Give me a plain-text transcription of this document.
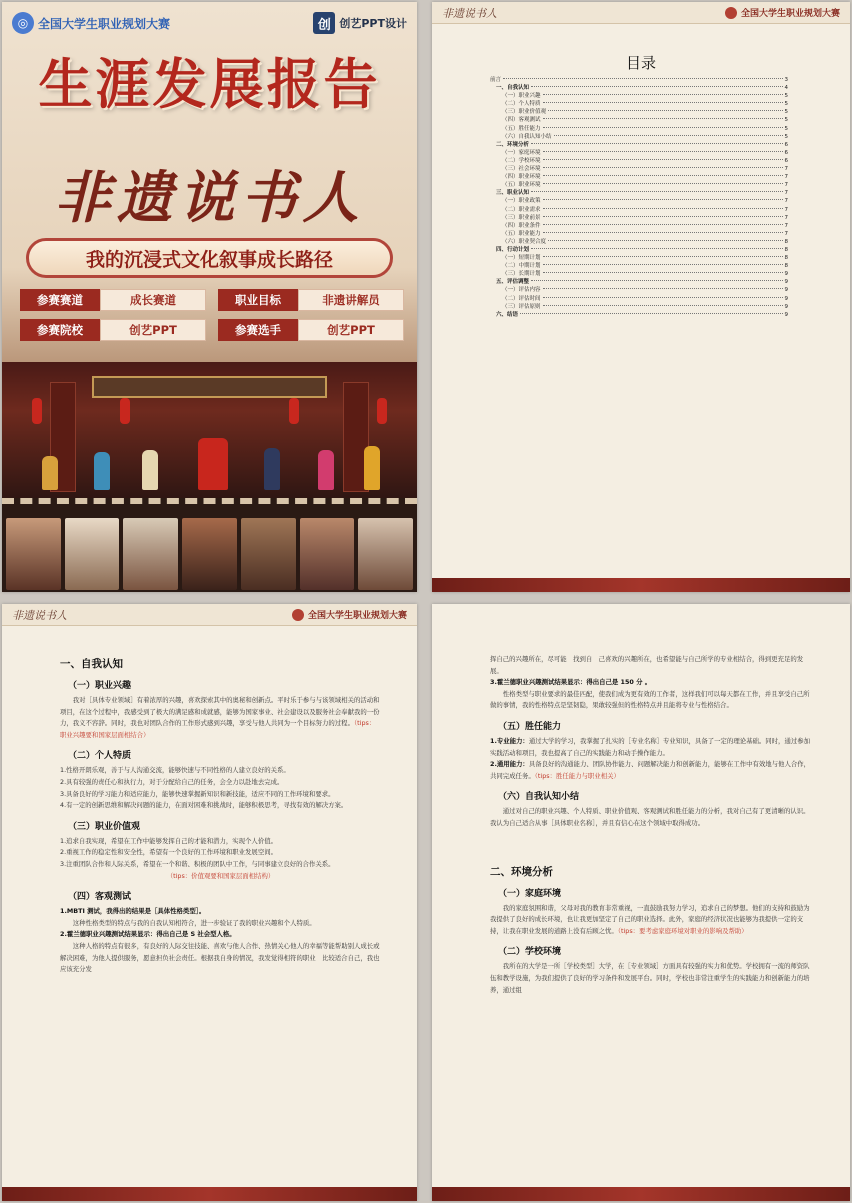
◎ 全国大学生职业规划大赛	创 创艺PPT设计
生涯发展报告
非遗说书人
我的沉浸式文化叙事成长路径
参赛赛道	成长赛道	职业目标	非遗讲解员
参赛院校	创艺PPT	参赛选手	创艺PPT
非遗说书人	全国大学生职业规划大赛
目录
前言	3
一、自我认知	4
（一）职业兴趣	5
（二）个人特质	5
（三）职业价值观	5
（四）客观测试	5
（五）胜任能力	5
（六）自我认知小结	5
二、环境分析	6
（一）家庭环境	6
（二）学校环境	6
（三）社会环境	7
（四）职业环境	7
（五）职业环境	7
三、职业认知	7
（一）职业政策	7
（二）职业需求	7
（三）职业前景	7
（四）职业条件	7
（五）职业能力	7
（六）职业契合度	8
四、行动计划	8
（一）短期计划	8
（二）中期计划	8
（三）长期计划	9
五、评估调整	9
（一）评估内容	9
（二）评估时间	9
（三）评估原则	9
六、结语	9
非遗说书人	全国大学生职业规划大赛
一、自我认知
（一）职业兴趣
我对［具体专业领域］有着浓厚的兴趣，喜欢探索其中的奥秘和创新点。平时乐于参与与该领域相关的活动和项目，在这个过程中，我感受到了极大的满足感和成就感，能够为国家事业、社会建设以及服务社会奉献我的一份力，我义不容辞。同时，我也对团队合作的工作形式感到兴趣，享受与他人共同为一个目标努力的过程。（tips：职业兴趣要和国家层面相结合）
（二）个人特质
1.性格开朗乐观，善于与人沟通交流，能够快速与不同性格的人建立良好的关系。
2.具有较强的责任心和执行力，对于分配给自己的任务，会全力以赴地去完成。
3.具备良好的学习能力和适应能力，能够快速掌握新知识和新技能，适应不同的工作环境和要求。
4.有一定的创新思维和解决问题的能力，在面对困难和挑战时，能够积极思考，寻找有效的解决方案。
（三）职业价值观
1.追求自我实现，希望在工作中能够发挥自己的才能和潜力，实现个人价值。
2.重视工作的稳定性和安全性，希望有一个良好的工作环境和职业发展空间。
3.注重团队合作和人际关系，希望在一个和谐、积极的团队中工作，与同事建立良好的合作关系。
（tips：价值观要和国家层面相结构）
（四）客观测试
1.MBTI 测试，我得出的结果是［具体性格类型］。
这种性格类型的特点与我的自我认知相符合，进一步验证了我的职业兴趣和个人特质。
2.霍兰德职业兴趣测试结果显示：得出自己是 S 社会型人格。
这种人格的特点有很多，有良好的人际交往技能、喜欢与他人合作、热情关心他人的幸福等能帮助别人成长或解决困难，为他人提供服务，愿意担负社会责任。根据我自身的情况，我发觉得相符的职业　比较适合自己，我也应该充分发
挥自己的兴趣所在，尽可能　找到自　己喜欢的兴趣所在，也希望能与自己所学的专业相结合，得到更充足的发展。
3.霍兰德职业兴趣测试结果显示：得出自己是 150 分 。
性格类型与职业要求的最佳匹配，使我们成为更有效的工作者，这样我们可以每天都在工作，并且享受自己所做的事情，我的性格特点是坚韧隐，果敢较强但的性格特点并且能将专业与性格结合。
（五）胜任能力
1.专业能力：通过大学的学习，我掌握了扎实的［专业名称］专业知识，具备了一定的理论基础。同时，通过参加实践活动和项目，我也提高了自己的实践能力和动手操作能力。
2.通用能力：具备良好的沟通能力、团队协作能力、问题解决能力和创新能力，能够在工作中有效地与他人合作，共同完成任务。（tips：胜任能力与职业相关）
（六）自我认知小结
通过对自己的职业兴趣、个人特质、职业价值观、客观测试和胜任能力的分析，我对自己有了更清晰的认识。我认为自己适合从事［具体职业名称］，并且有信心在这个领域中取得成功。
二、环境分析
（一）家庭环境
我的家庭氛围和谐，父母对我的教育非常重视，一直鼓励我努力学习，追求自己的梦想。他们的支持和鼓励为我提供了良好的成长环境，也让我更加坚定了自己的职业选择。此外，家庭的经济状况也能够为我提供一定的支持，让我在职业发展的道路上没有后顾之忧。（tips：要考虑家庭环境对职业的影响及帮助）
（二）学校环境
我所在的大学是一所［学校类型］大学，在［专业领域］方面具有较强的实力和优势。学校拥有一流的师资队伍和教学设施，为我们提供了良好的学习条件和发展平台。同时，学校也非常注重学生的实践能力和创新能力的培养，通过组
